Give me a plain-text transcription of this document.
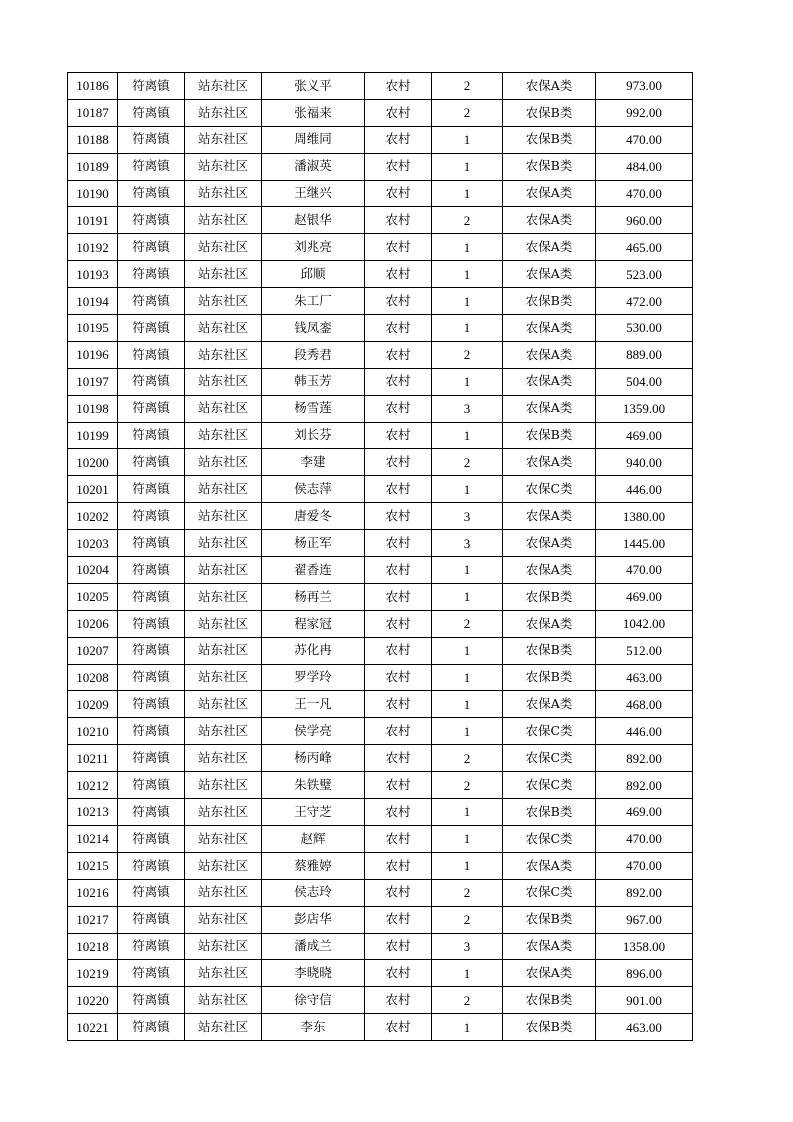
10186	符离镇	站东社区	张义平	农村	2	农保A类	973.00
10187	符离镇	站东社区	张福来	农村	2	农保B类	992.00
10188	符离镇	站东社区	周维同	农村	1	农保B类	470.00
10189	符离镇	站东社区	潘淑英	农村	1	农保B类	484.00
10190	符离镇	站东社区	王继兴	农村	1	农保A类	470.00
10191	符离镇	站东社区	赵银华	农村	2	农保A类	960.00
10192	符离镇	站东社区	刘兆亮	农村	1	农保A类	465.00
10193	符离镇	站东社区	邱顺	农村	1	农保A类	523.00
10194	符离镇	站东社区	朱工厂	农村	1	农保B类	472.00
10195	符离镇	站东社区	钱凤銮	农村	1	农保A类	530.00
10196	符离镇	站东社区	段秀君	农村	2	农保A类	889.00
10197	符离镇	站东社区	韩玉芳	农村	1	农保A类	504.00
10198	符离镇	站东社区	杨雪莲	农村	3	农保A类	1359.00
10199	符离镇	站东社区	刘长芬	农村	1	农保B类	469.00
10200	符离镇	站东社区	李建	农村	2	农保A类	940.00
10201	符离镇	站东社区	侯志萍	农村	1	农保C类	446.00
10202	符离镇	站东社区	唐爱冬	农村	3	农保A类	1380.00
10203	符离镇	站东社区	杨正军	农村	3	农保A类	1445.00
10204	符离镇	站东社区	翟香连	农村	1	农保A类	470.00
10205	符离镇	站东社区	杨再兰	农村	1	农保B类	469.00
10206	符离镇	站东社区	程家冠	农村	2	农保A类	1042.00
10207	符离镇	站东社区	苏化冉	农村	1	农保B类	512.00
10208	符离镇	站东社区	罗学玲	农村	1	农保B类	463.00
10209	符离镇	站东社区	王一凡	农村	1	农保A类	468.00
10210	符离镇	站东社区	侯学亮	农村	1	农保C类	446.00
10211	符离镇	站东社区	杨丙峰	农村	2	农保C类	892.00
10212	符离镇	站东社区	朱铁璧	农村	2	农保C类	892.00
10213	符离镇	站东社区	王守芝	农村	1	农保B类	469.00
10214	符离镇	站东社区	赵辉	农村	1	农保C类	470.00
10215	符离镇	站东社区	蔡雅婷	农村	1	农保A类	470.00
10216	符离镇	站东社区	侯志玲	农村	2	农保C类	892.00
10217	符离镇	站东社区	彭店华	农村	2	农保B类	967.00
10218	符离镇	站东社区	潘成兰	农村	3	农保A类	1358.00
10219	符离镇	站东社区	李晓晓	农村	1	农保A类	896.00
10220	符离镇	站东社区	徐守信	农村	2	农保B类	901.00
10221	符离镇	站东社区	李东	农村	1	农保B类	463.00
